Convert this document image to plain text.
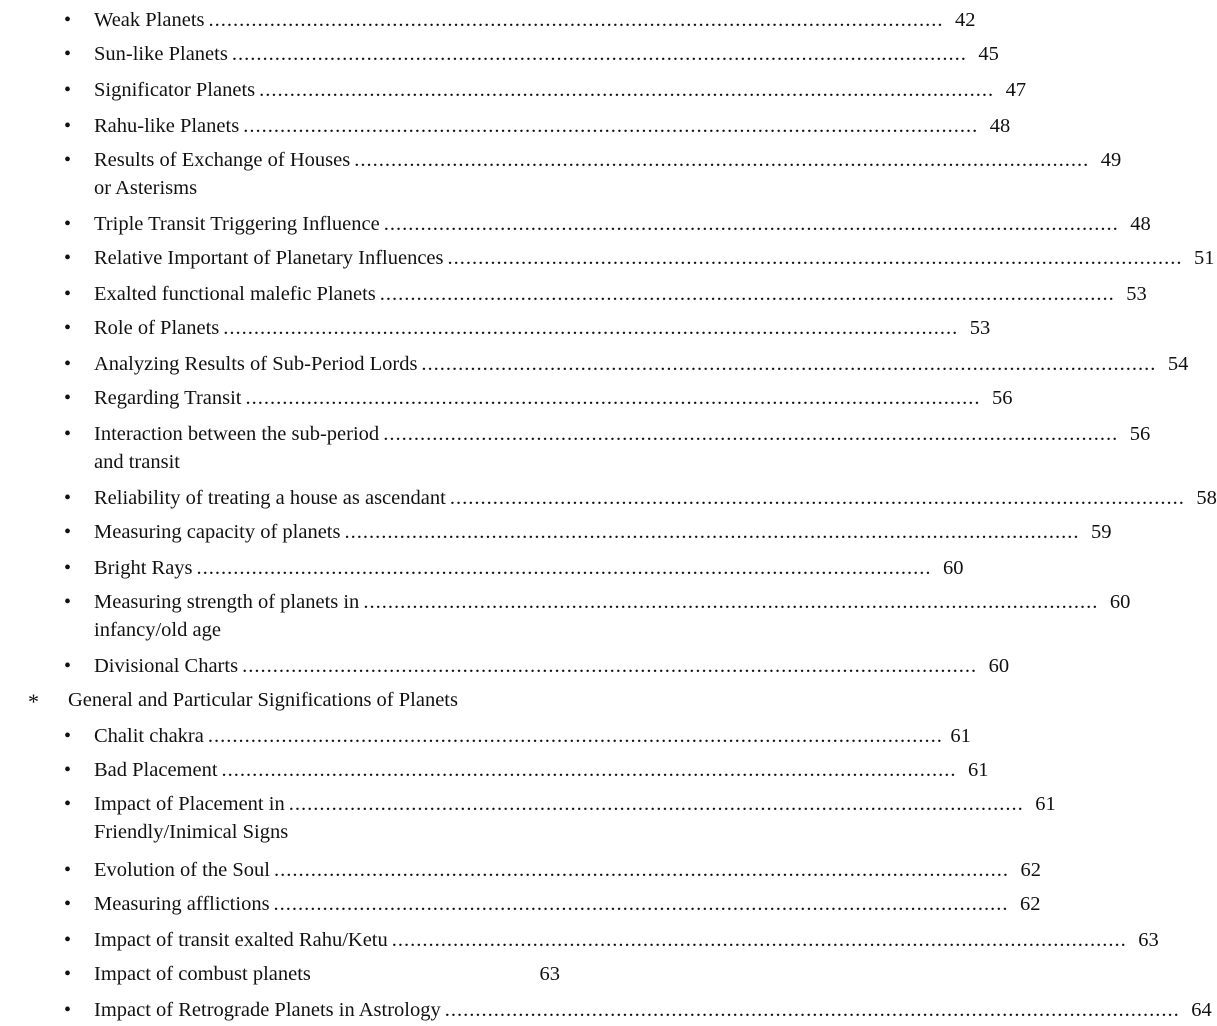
• Weak Planets ........................................................................................................................ 42
• Sun-like Planets ........................................................................................................................ 45
• Significator Planets ........................................................................................................................ 47
• Rahu-like Planets ........................................................................................................................ 48
• Results of Exchange of Houses ........................................................................................................................ 49
or Asterisms
• Triple Transit Triggering Influence ........................................................................................................................ 48
• Relative Important of Planetary Influences ........................................................................................................................ 51
• Exalted functional malefic Planets ........................................................................................................................ 53
• Role of Planets ........................................................................................................................ 53
• Analyzing Results of Sub-Period Lords ........................................................................................................................ 54
• Regarding Transit ........................................................................................................................ 56
• Interaction between the sub-period ........................................................................................................................ 56
and transit
• Reliability of treating a house as ascendant ........................................................................................................................ 58
• Measuring capacity of planets ........................................................................................................................ 59
• Bright Rays ........................................................................................................................ 60
• Measuring strength of planets in ........................................................................................................................ 60
infancy/old age
• Divisional Charts ........................................................................................................................ 60
* General and Particular Significations of Planets
• Chalit chakra ........................................................................................................................ 61
• Bad Placement ........................................................................................................................ 61
• Impact of Placement in ........................................................................................................................ 61
Friendly/Inimical Signs
• Evolution of the Soul ........................................................................................................................ 62
• Measuring afflictions ........................................................................................................................ 62
• Impact of transit exalted Rahu/Ketu ........................................................................................................................ 63
• Impact of combust planets	63
• Impact of Retrograde Planets in Astrology ........................................................................................................................ 64
